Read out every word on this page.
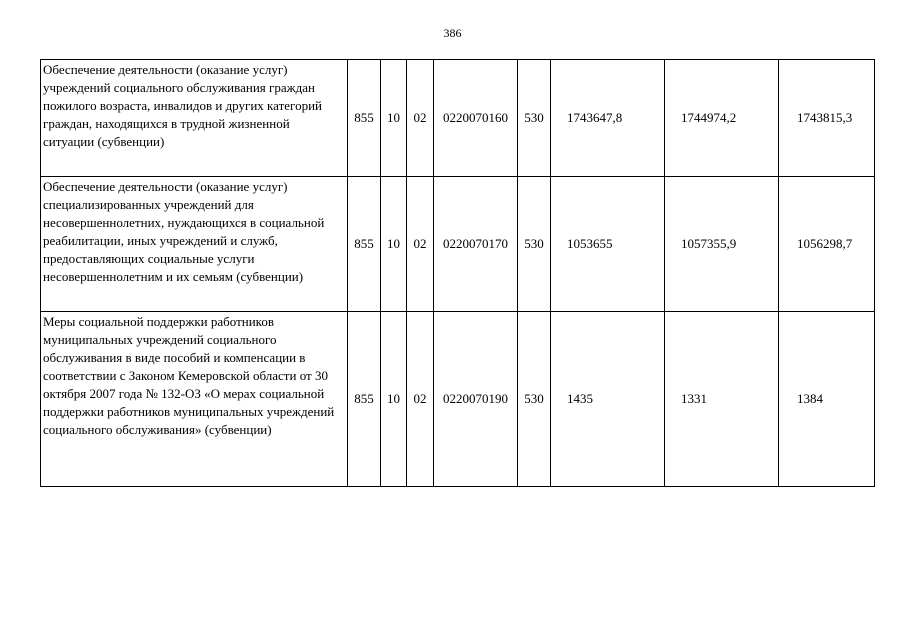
386
Обеспечение деятельности (оказание услуг) учреждений социального обслуживания граждан пожилого возраста, инвалидов и других категорий граждан, находящихся в трудной жизненной ситуации (субвенции)	855	10	02	0220070160	530	1743647,8	1744974,2	1743815,3
Обеспечение деятельности (оказание услуг) специализированных учреждений для несовершеннолетних, нуждающихся в социальной реабилитации, иных учреждений и служб, предоставляющих социальные услуги несовершеннолетним и их семьям (субвенции)	855	10	02	0220070170	530	1053655	1057355,9	1056298,7
Меры социальной поддержки работников муниципальных учреждений социального обслуживания в виде пособий и компенсации в соответствии с Законом Кемеровской области от 30 октября 2007 года № 132-ОЗ «О мерах социальной поддержки работников муниципальных учреждений социального обслуживания» (субвенции)	855	10	02	0220070190	530	1435	1331	1384
